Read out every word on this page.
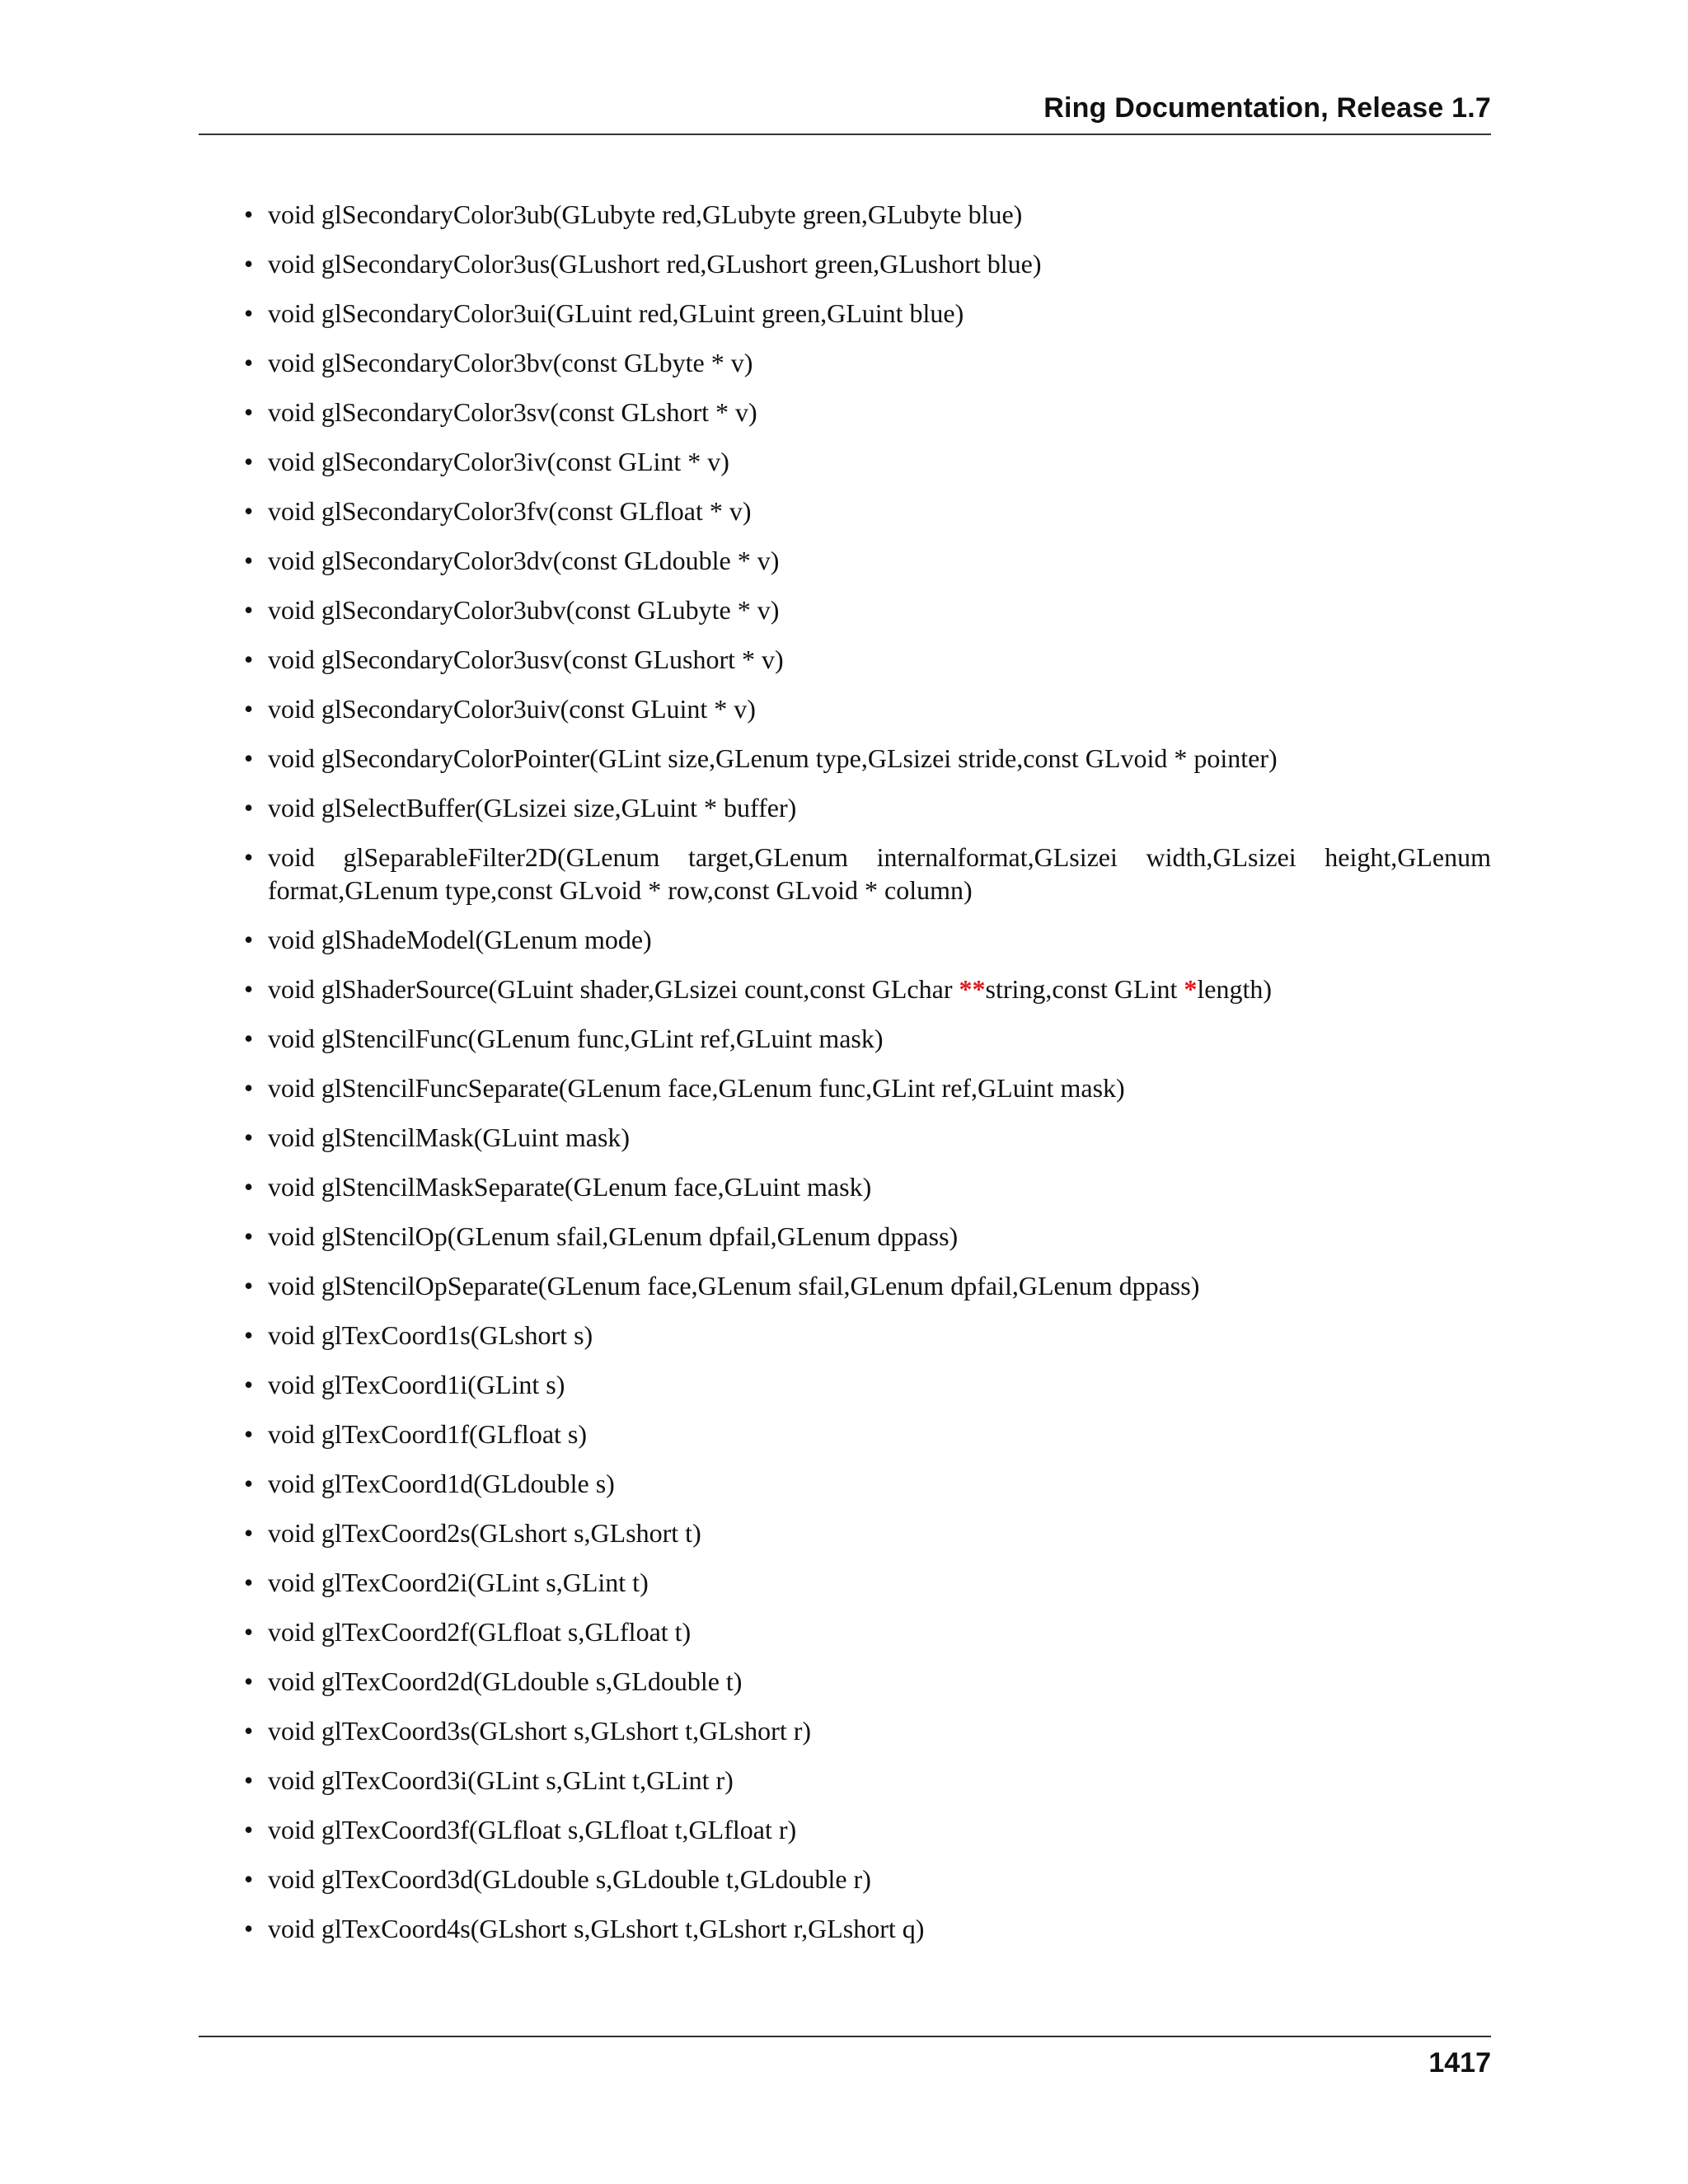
Ring Documentation, Release 1.7
• void glSecondaryColor3ub(GLubyte red,GLubyte green,GLubyte blue)
• void glSecondaryColor3us(GLushort red,GLushort green,GLushort blue)
• void glSecondaryColor3ui(GLuint red,GLuint green,GLuint blue)
• void glSecondaryColor3bv(const GLbyte * v)
• void glSecondaryColor3sv(const GLshort * v)
• void glSecondaryColor3iv(const GLint * v)
• void glSecondaryColor3fv(const GLfloat * v)
• void glSecondaryColor3dv(const GLdouble * v)
• void glSecondaryColor3ubv(const GLubyte * v)
• void glSecondaryColor3usv(const GLushort * v)
• void glSecondaryColor3uiv(const GLuint * v)
• void glSecondaryColorPointer(GLint size,GLenum type,GLsizei stride,const GLvoid * pointer)
• void glSelectBuffer(GLsizei size,GLuint * buffer)
• void glSeparableFilter2D(GLenum target,GLenum internalformat,GLsizei width,GLsizei height,GLenum format,GLenum type,const GLvoid * row,const GLvoid * column)
• void glShadeModel(GLenum mode)
• void glShaderSource(GLuint shader,GLsizei count,const GLchar **string,const GLint *length)
• void glStencilFunc(GLenum func,GLint ref,GLuint mask)
• void glStencilFuncSeparate(GLenum face,GLenum func,GLint ref,GLuint mask)
• void glStencilMask(GLuint mask)
• void glStencilMaskSeparate(GLenum face,GLuint mask)
• void glStencilOp(GLenum sfail,GLenum dpfail,GLenum dppass)
• void glStencilOpSeparate(GLenum face,GLenum sfail,GLenum dpfail,GLenum dppass)
• void glTexCoord1s(GLshort s)
• void glTexCoord1i(GLint s)
• void glTexCoord1f(GLfloat s)
• void glTexCoord1d(GLdouble s)
• void glTexCoord2s(GLshort s,GLshort t)
• void glTexCoord2i(GLint s,GLint t)
• void glTexCoord2f(GLfloat s,GLfloat t)
• void glTexCoord2d(GLdouble s,GLdouble t)
• void glTexCoord3s(GLshort s,GLshort t,GLshort r)
• void glTexCoord3i(GLint s,GLint t,GLint r)
• void glTexCoord3f(GLfloat s,GLfloat t,GLfloat r)
• void glTexCoord3d(GLdouble s,GLdouble t,GLdouble r)
• void glTexCoord4s(GLshort s,GLshort t,GLshort r,GLshort q)
1417
